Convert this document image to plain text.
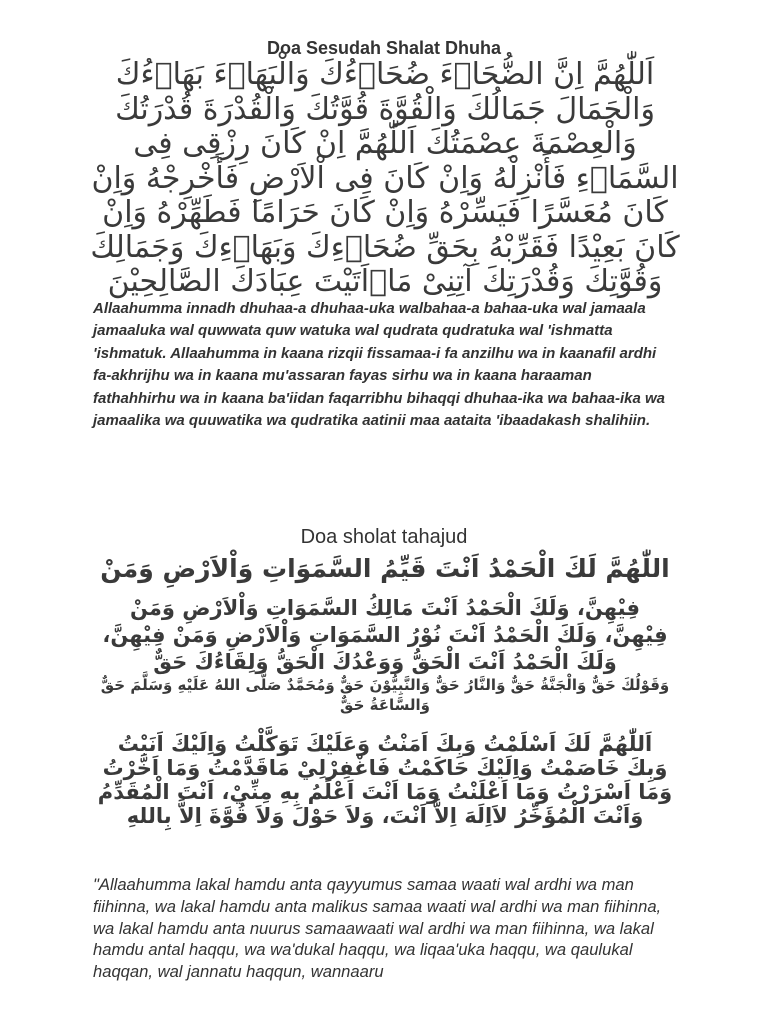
Doa Sesudah Shalat Dhuha
اَللّٰهُمَّ اِنَّ الضُّحَاۤءَ ضُحَاۤءُكَ وَالْبَهَاۤءَ بَهَاۤءُكَ وَالْجَمَالَ جَمَالُكَ وَالْقُوَّةَ قُوَّتُكَ وَالْقُدْرَةَ قُدْرَتُكَ وَالْعِصْمَةَ عِصْمَتُكَ اَللّٰهُمَّ اِنْ كَانَ رِزْقِى فِى السَّمَاۤءِ فَأَنْزِلْهُ وَاِنْ كَانَ فِى اْلاَرْضِ فَأَخْرِجْهُ وَاِنْ كَانَ مُعَسَّرًا فَيَسِّرْهُ وَاِنْ كَانَ حَرَامًا فَطَهِّرْهُ وَاِنْ كَانَ بَعِيْدًا فَقَرِّبْهُ بِحَقِّ ضُحَاۤءِكَ وَبَهَاۤءِكَ وَجَمَالِكَ وَقُوَّتِكَ وَقُدْرَتِكَ آتِنِىْ مَاۤاَتَيْتَ عِبَادَكَ الصَّالِحِيْنَ
Allaahumma innadh dhuhaa-a dhuhaa-uka walbahaa-a bahaa-uka wal jamaala jamaaluka wal quwwata quw watuka wal qudrata qudratuka wal 'ishmatta 'ishmatuk. Allaahumma in kaana rizqii fissamaa-i fa anzilhu wa in kaanafil ardhi fa-akhrijhu wa in kaana mu'assaran fayas sirhu wa in kaana haraaman fathahhirhu wa in kaana ba'iidan faqarribhu bihaqqi dhuhaa-ika wa bahaa-ika wa jamaalika wa quuwatika wa qudratika aatinii maa aataita 'ibaadakash shalihiin.
Doa sholat tahajud
اللّٰهُمَّ لَكَ الْحَمْدُ اَنْتَ قَيِّمُ السَّمَوَاتِ وَاْلاَرْضِ وَمَنْ
فِيْهِنَّ، وَلَكَ الْحَمْدُ اَنْتَ مَالِكُ السَّمَوَاتِ وَاْلاَرْضِ وَمَنْ فِيْهِنَّ، وَلَكَ الْحَمْدُ اَنْتَ نُوْرُ السَّمَوَاتِ وَاْلاَرْضِ وَمَنْ فِيْهِنَّ، وَلَكَ الْحَمْدُ اَنْتَ الْحَقُّ وَوَعْدُكَ الْحَقُّ وَلِقَاءُكَ حَقٌّ
وَقَوْلُكَ حَقٌّ وَالْجَنَّةُ حَقٌّ وَالنَّارُ حَقٌّ وَالنَّبِيُّوْنَ حَقٌّ وَمُحَمَّدٌ صَلَّى اللهُ عَلَيْهِ وَسَلَّمَ حَقٌّ وَالسَّاعَةُ حَقٌّ
اَللّٰهُمَّ لَكَ اَسْلَمْتُ وَبِكَ اَمَنْتُ وَعَلَيْكَ تَوَكَّلْتُ وَاِلَيْكَ اَنَبْتُ وَبِكَ خَاصَمْتُ وَاِلَيْكَ حَاكَمْتُ فَاغْفِرْلِيْ مَاقَدَّمْتُ وَمَا اَخَّرْتُ وَمَا اَسْرَرْتُ وَمَا اَعْلَنْتُ وَمَا اَنْتَ اَعْلَمُ بِهِ مِنِّيْ، اَنْتَ الْمُقَدِّمُ وَاَنْتَ الْمُؤَخِّرُ لاَاِلَهَ اِلاَّ اَنْتَ، وَلاَ حَوْلَ وَلاَ قُوَّةَ اِلاَّ بِاللهِ
"Allaahumma lakal hamdu anta qayyumus samaa waati wal ardhi wa man fiihinna, wa lakal hamdu anta malikus samaa waati wal ardhi wa man fiihinna, wa lakal hamdu anta nuurus samaawaati wal ardhi wa man fiihinna, wa lakal hamdu antal haqqu, wa wa'dukal haqqu, wa liqaa'uka haqqu, wa qaulukal haqqan, wal jannatu haqqun, wannaaru
